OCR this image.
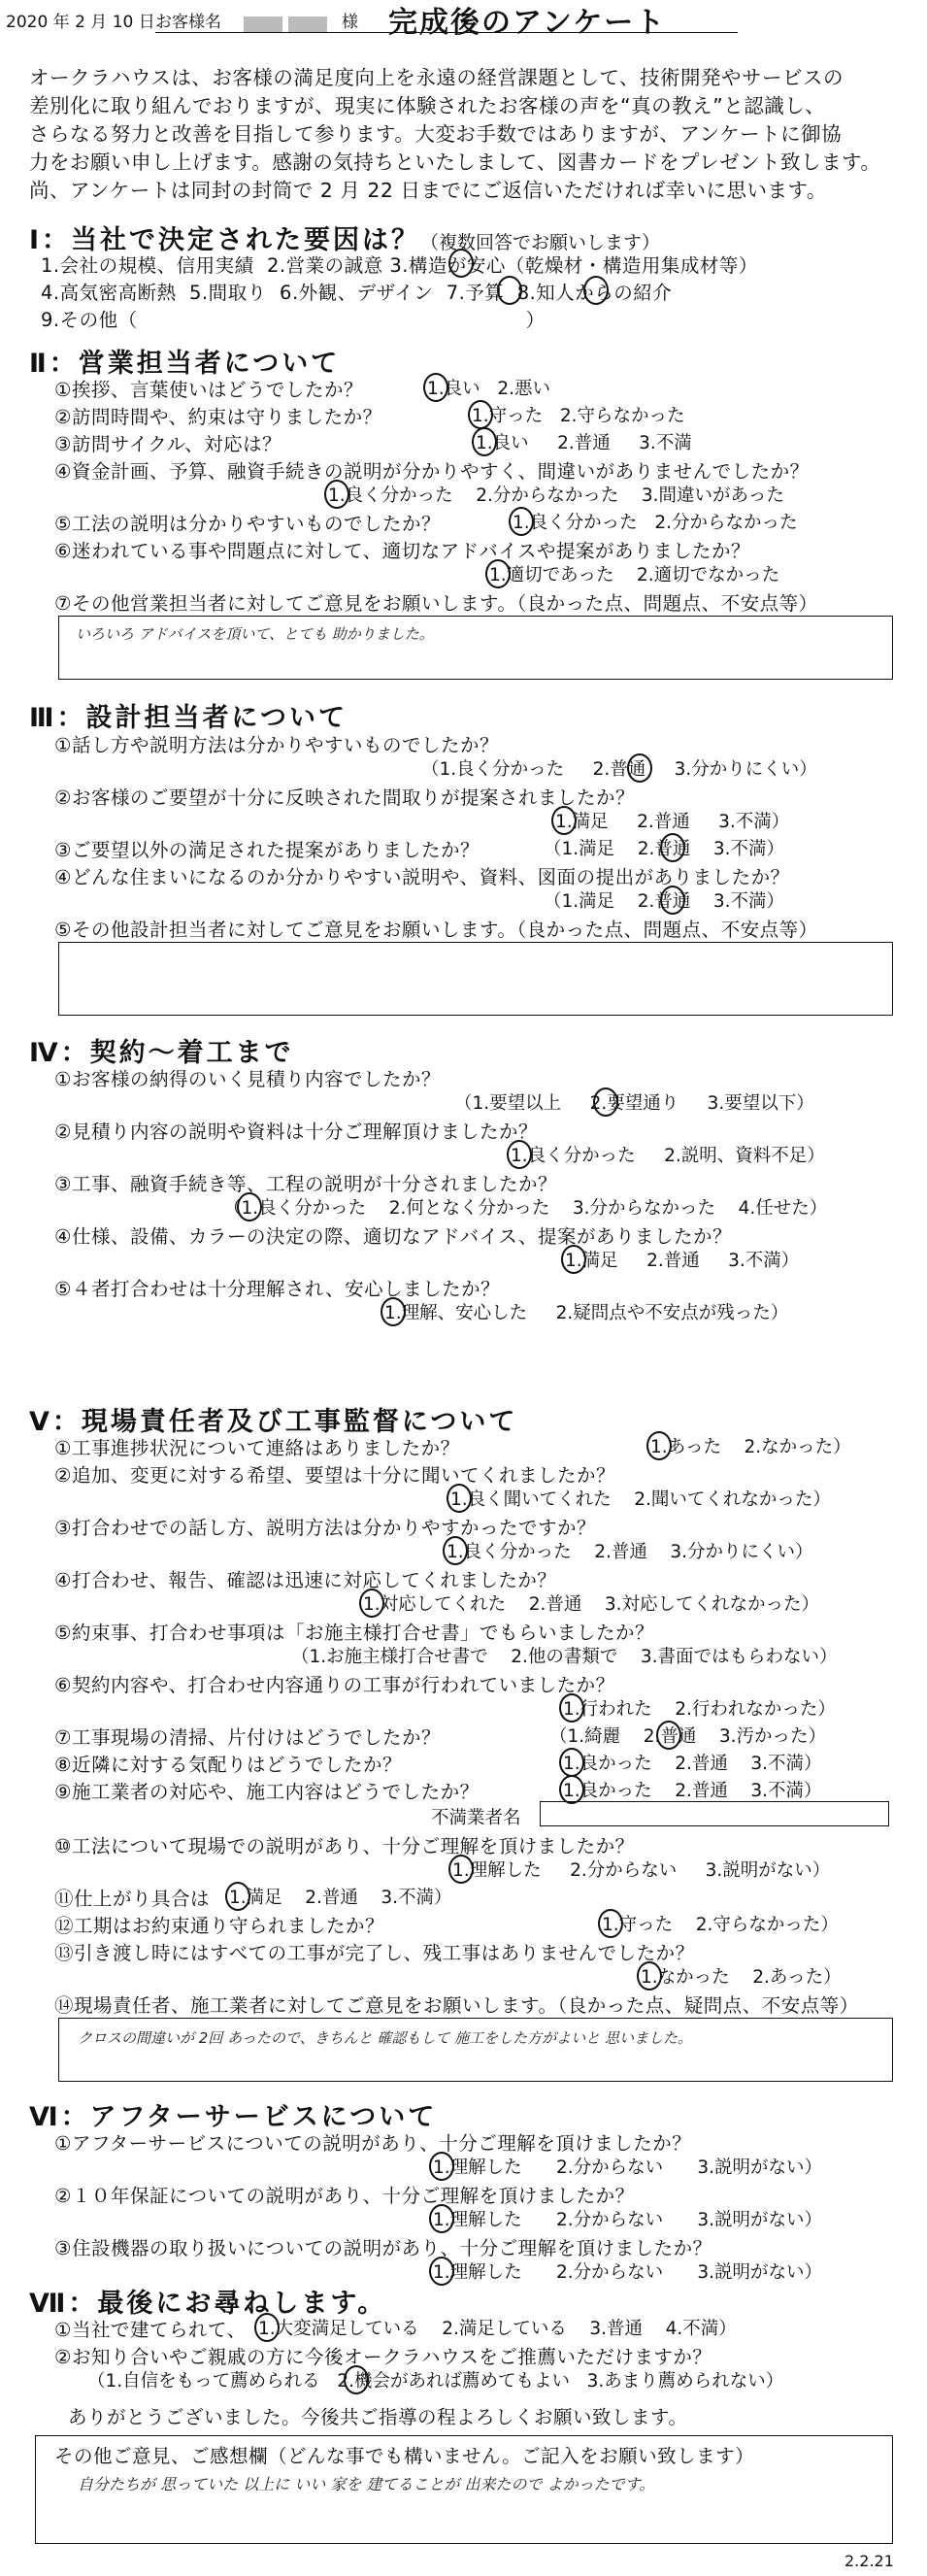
2020 年 2 月 10 日 お客様名	様 完成後のアンケート
オークラハウスは、お客様の満足度向上を永遠の経営課題として、技術開発やサービスの
差別化に取り組んでおりますが、現実に体験されたお客様の声を“真の教え”と認識し、
さらなる努力と改善を目指して参ります。大変お手数ではありますが、アンケートに御協
力をお願い申し上げます。感謝の気持ちといたしまして、図書カードをプレゼント致します。
尚、アンケートは同封の封筒で 2 月 22 日までにご返信いただければ幸いに思います。
Ⅰ：当社で決定された要因は？（複数回答でお願いします）
1.会社の規模、信用実績 2.営業の誠意 3.構造が安心（乾燥材・構造用集成材等）
4.高気密高断熱 5.間取り 6.外観、デザイン 7.予算 8.知人からの紹介
9.その他（	）
Ⅱ：営業担当者について
①挨拶、言葉使いはどうでしたか？	1.良い 2.悪い
②訪問時間や、約束は守りましたか？	1.守った 2.守らなかった
③訪問サイクル、対応は？	1.良い 2.普通 3.不満
④資金計画、予算、融資手続きの説明が分かりやすく、間違いがありませんでしたか？
1.良く分かった 2.分からなかった 3.間違いがあった
⑤工法の説明は分かりやすいものでしたか？	1.良く分かった 2.分からなかった
⑥迷われている事や問題点に対して、適切なアドバイスや提案がありましたか？
1.適切であった 2.適切でなかった
⑦その他営業担当者に対してご意見をお願いします。（良かった点、問題点、不安点等）
いろいろ アドバイスを頂いて、とても 助かりました。
Ⅲ：設計担当者について
①話し方や説明方法は分かりやすいものでしたか？
（1.良く分かった 2.普通 3.分かりにくい）
②お客様のご要望が十分に反映された間取りが提案されましたか？
1.満足 2.普通 3.不満）
③ご要望以外の満足された提案がありましたか？	（1.満足 2.普通 3.不満）
④どんな住まいになるのか分かりやすい説明や、資料、図面の提出がありましたか？
（1.満足 2.普通 3.不満）
⑤その他設計担当者に対してご意見をお願いします。（良かった点、問題点、不安点等）
Ⅳ：契約～着工まで
①お客様の納得のいく見積り内容でしたか？
（1.要望以上 2.要望通り 3.要望以下）
②見積り内容の説明や資料は十分ご理解頂けましたか？
1.良く分かった 2.説明、資料不足）
③工事、融資手続き等、工程の説明が十分されましたか？
（1.良く分かった 2.何となく分かった 3.分からなかった 4.任せた）
④仕様、設備、カラーの決定の際、適切なアドバイス、提案がありましたか？
1.満足 2.普通 3.不満）
⑤４者打合わせは十分理解され、安心しましたか？
1.理解、安心した 2.疑問点や不安点が残った）
Ⅴ：現場責任者及び工事監督について
①工事進捗状況について連絡はありましたか？	1.あった 2.なかった）
②追加、変更に対する希望、要望は十分に聞いてくれましたか？
1.良く聞いてくれた 2.聞いてくれなかった）
③打合わせでの話し方、説明方法は分かりやすかったですか？
1.良く分かった 2.普通 3.分かりにくい）
④打合わせ、報告、確認は迅速に対応してくれましたか？
1.対応してくれた 2.普通 3.対応してくれなかった）
⑤約束事、打合わせ事項は「お施主様打合せ書」でもらいましたか？
（1.お施主様打合せ書で 2.他の書類で 3.書面ではもらわない）
⑥契約内容や、打合わせ内容通りの工事が行われていましたか？
1.行われた 2.行われなかった）
⑦工事現場の清掃、片付けはどうでしたか？	（1.綺麗 2.普通 3.汚かった）
⑧近隣に対する気配りはどうでしたか？	1.良かった 2.普通 3.不満）
⑨施工業者の対応や、施工内容はどうでしたか？	1.良かった 2.普通 3.不満）
不満業者名
⑩工法について現場での説明があり、十分ご理解を頂けましたか？
1.理解した 2.分からない 3.説明がない）
⑪仕上がり具合は 1.満足 2.普通 3.不満）
⑫工期はお約束通り守られましたか？	1.守った 2.守らなかった）
⑬引き渡し時にはすべての工事が完了し、残工事はありませんでしたか？
1.なかった 2.あった）
⑭現場責任者、施工業者に対してご意見をお願いします。（良かった点、疑問点、不安点等）
クロスの間違いが 2回 あったので、きちんと 確認もして 施工をした方がよいと 思いました。
Ⅵ：アフターサービスについて
①アフターサービスについての説明があり、十分ご理解を頂けましたか？
1.理解した 2.分からない 3.説明がない）
②１０年保証についての説明があり、十分ご理解を頂けましたか？
1.理解した 2.分からない 3.説明がない）
③住設機器の取り扱いについての説明があり、十分ご理解を頂けましたか？
1.理解した 2.分からない 3.説明がない）
Ⅶ：最後にお尋ねします。
①当社で建てられて、 1.大変満足している 2.満足している 3.普通 4.不満）
②お知り合いやご親戚の方に今後オークラハウスをご推薦いただけますか？
（1.自信をもって薦められる 2.機会があれば薦めてもよい 3.あまり薦められない）
ありがとうございました。今後共ご指導の程よろしくお願い致します。
その他ご意見、ご感想欄（どんな事でも構いません。ご記入をお願い致します）
自分たちが 思っていた 以上に いい 家を 建てることが 出来たので よかったです。
2.2.21
